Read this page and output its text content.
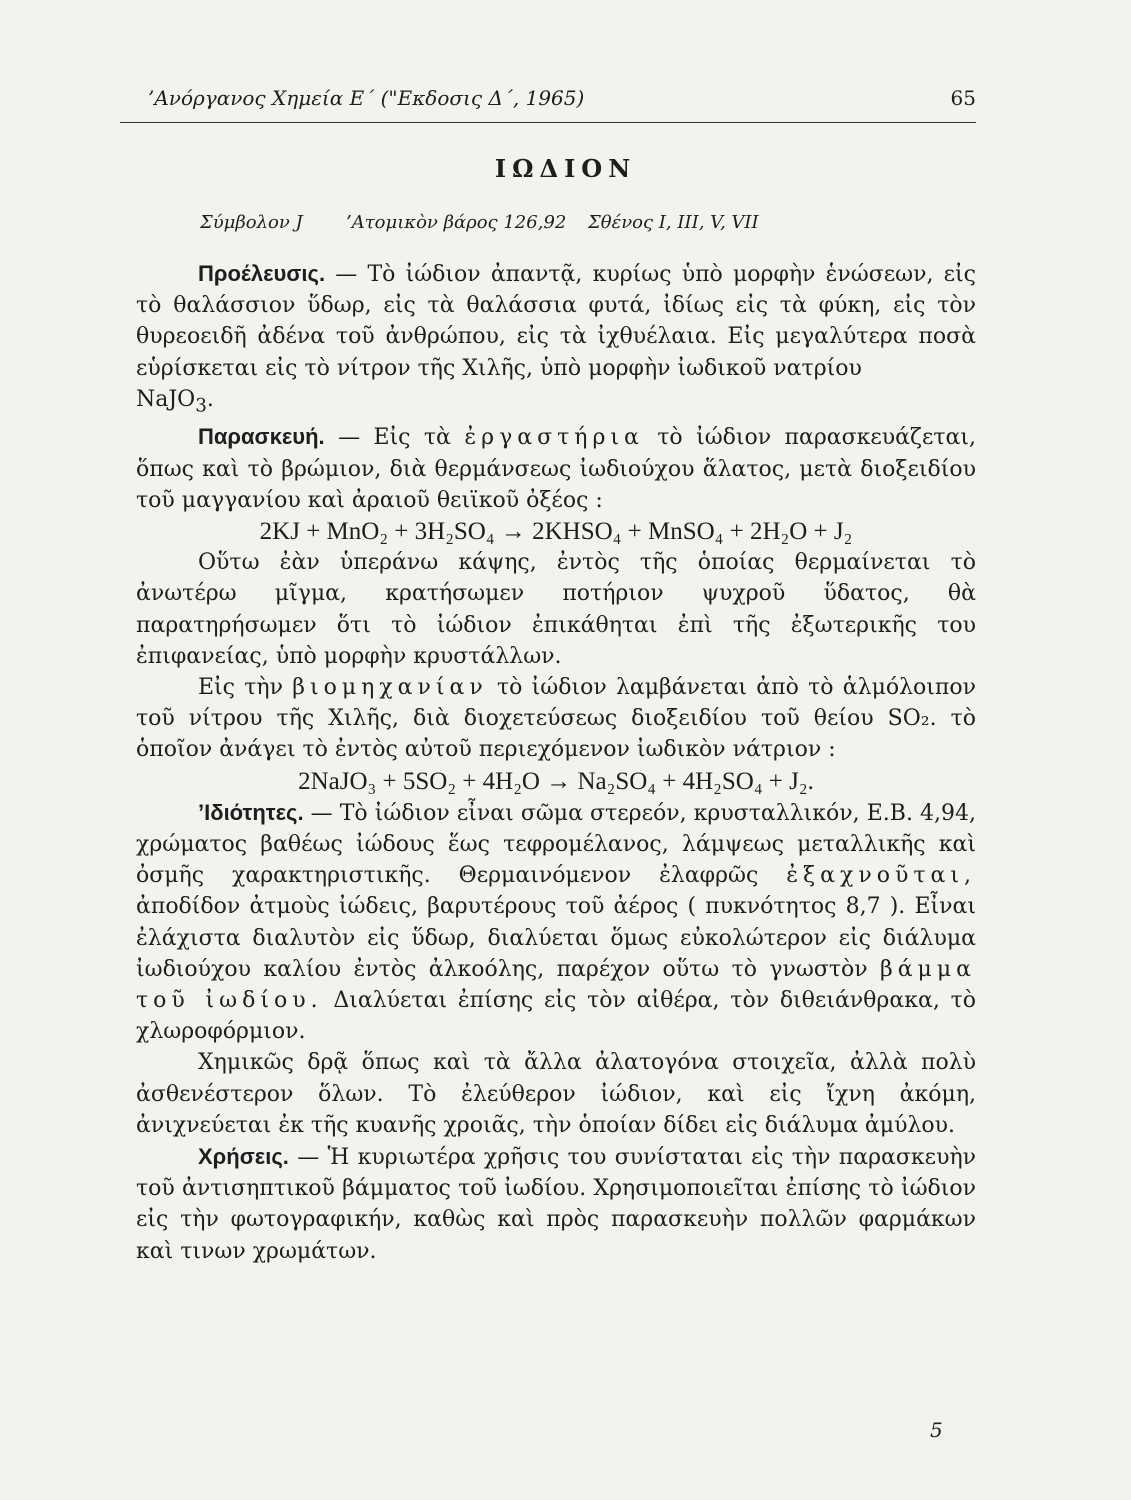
’Ανόργανος Χημεία Ε΄ ("Εκδοσις Δ΄, 1965)	65
ΙΩΔΙΟΝ
Σύμβολον J ’Ατομικὸν βάρος 126,92 Σθένος I, III, V, VII

Προέλευσις. — Τὸ ἰώδιον ἀπαντᾷ, κυρίως ὑπὸ μορφὴν ἑνώσεων, εἰς τὸ θαλάσσιον ὕδωρ, εἰς τὰ θαλάσσια φυτά, ἰδίως εἰς τὰ φύκη, εἰς τὸν θυρεοειδῆ ἀδένα τοῦ ἀνθρώπου, εἰς τὰ ἰχθυέλαια. Εἰς μεγαλύτερα ποσὰ εὑρίσκεται εἰς τὸ νίτρον τῆς Χιλῆς, ὑπὸ μορφὴν ἰωδικοῦ νατρίου

NaJO$_3$.

Παρασκευή. — Εἰς τὰ ἐργαστήρια τὸ ἰώδιον παρασκευάζεται, ὅπως καὶ τὸ βρώμιον, διὰ θερμάνσεως ἰωδιούχου ἅλατος, μετὰ διοξειδίου τοῦ μαγγανίου καὶ ἀραιοῦ θειϊκοῦ ὀξέος :

2KJ + MnO₂ + 3H₂SO₄ → 2KHSO₄ + MnSO₄ + 2H₂O + J₂

Οὕτω ἐὰν ὑπεράνω κάψης, ἐντὸς τῆς ὁποίας θερμαίνεται τὸ ἀνωτέρω μῖγμα, κρατήσωμεν ποτήριον ψυχροῦ ὕδατος, θὰ παρατηρήσωμεν ὅτι τὸ ἰώδιον ἐπικάθηται ἐπὶ τῆς ἐξωτερικῆς του ἐπιφανείας, ὑπὸ μορφὴν κρυστάλλων.

Εἰς τὴν βιομηχανίαν τὸ ἰώδιον λαμβάνεται ἀπὸ τὸ ἁλμόλοιπον τοῦ νίτρου τῆς Χιλῆς, διὰ διοχετεύσεως διοξειδίου τοῦ θείου SO₂. τὸ ὁποῖον ἀνάγει τὸ ἐντὸς αὐτοῦ περιεχόμενον ἰωδικὸν νάτριον :

2NaJO₃ + 5SO₂ + 4H₂O → Na₂SO₄ + 4H₂SO₄ + J₂.

’Ιδιότητες. — Τὸ ἰώδιον εἶναι σῶμα στερεόν, κρυσταλλικόν, Ε.Β. 4,94, χρώματος βαθέως ἰώδους ἕως τεφρομέλανος, λάμψεως μεταλλικῆς καὶ ὀσμῆς χαρακτηριστικῆς. Θερμαινόμενον ἐλαφρῶς ἐξαχνοῦται, ἀποδίδον ἀτμοὺς ἰώδεις, βαρυτέρους τοῦ ἀέρος ( πυκνότητος 8,7 ). Εἶναι ἐλάχιστα διαλυτὸν εἰς ὕδωρ, διαλύεται ὅμως εὐκολώτερον εἰς διάλυμα ἰωδιούχου καλίου ἐντὸς ἀλκοόλης, παρέχον οὕτω τὸ γνωστὸν βάμμα τοῦ ἰωδίου. Διαλύεται ἐπίσης εἰς τὸν αἰθέρα, τὸν διθειάνθρακα, τὸ χλωροφόρμιον.

Χημικῶς δρᾷ ὅπως καὶ τὰ ἄλλα ἀλατογόνα στοιχεῖα, ἀλλὰ πολὺ ἀσθενέστερον ὅλων. Τὸ ἐλεύθερον ἰώδιον, καὶ εἰς ἴχνη ἀκόμη, ἀνιχνεύεται ἐκ τῆς κυανῆς χροιᾶς, τὴν ὁποίαν δίδει εἰς διάλυμα ἀμύλου.

Χρήσεις. — Ἡ κυριωτέρα χρῆσις του συνίσταται εἰς τὴν παρασκευὴν τοῦ ἀντισηπτικοῦ βάμματος τοῦ ἰωδίου. Χρησιμοποιεῖται ἐπίσης τὸ ἰώδιον εἰς τὴν φωτογραφικήν, καθὼς καὶ πρὸς παρασκευὴν πολλῶν φαρμάκων καὶ τινων χρωμάτων.

5
